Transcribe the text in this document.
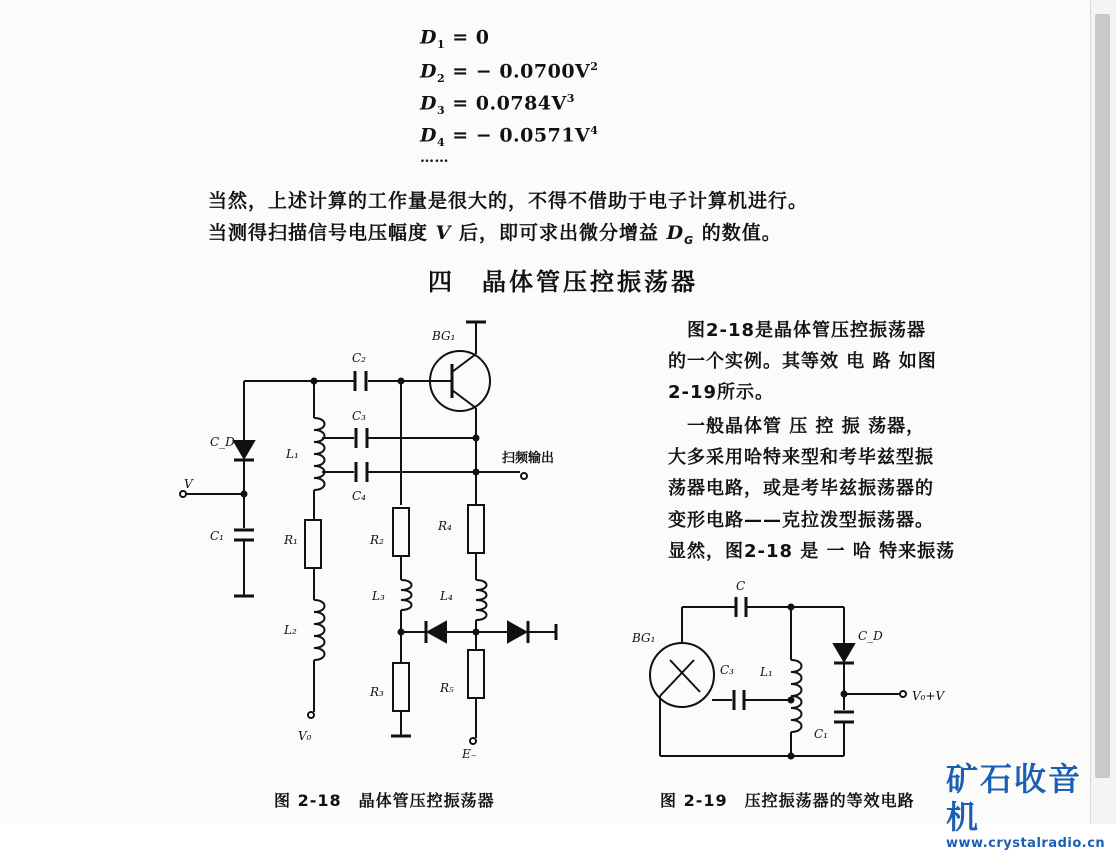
$D_1 = 0$
$D_2$ = − $0.0700V^2$
$D_3 = 0.0784V^3$
$D_4$ = − $0.0571V^4$
……
当然，上述计算的工作量是很大的，不得不借助于电子计算机进行。
当测得扫描信号电压幅度 V 后，即可求出微分增益 $D_G$ 的数值。
四　晶体管压控振荡器
　图2-18是晶体管压控振荡器
的一个实例。其等效 电 路 如图
2-19所示。
　一般晶体管 压 控 振 荡器，
大多采用哈特来型和考毕兹型振
荡器电路，或是考毕兹振荡器的
变形电路——克拉泼型振荡器。
显然，图2-18 是 一 哈 特来振荡
BG₁
C₂
C₃
C₄
C_D
L₁
V
C₁	R₁
L₂
V₀
R₂
R₄
L₃	L₄
R₃	R₅
E₋
扫频输出
C
BG₁
C₃ L₁
C_D
C₁
V₀+V
图 2-18　晶体管压控振荡器	图 2-19　压控振荡器的等效电路
矿石收音机
www.crystalradio.cn
